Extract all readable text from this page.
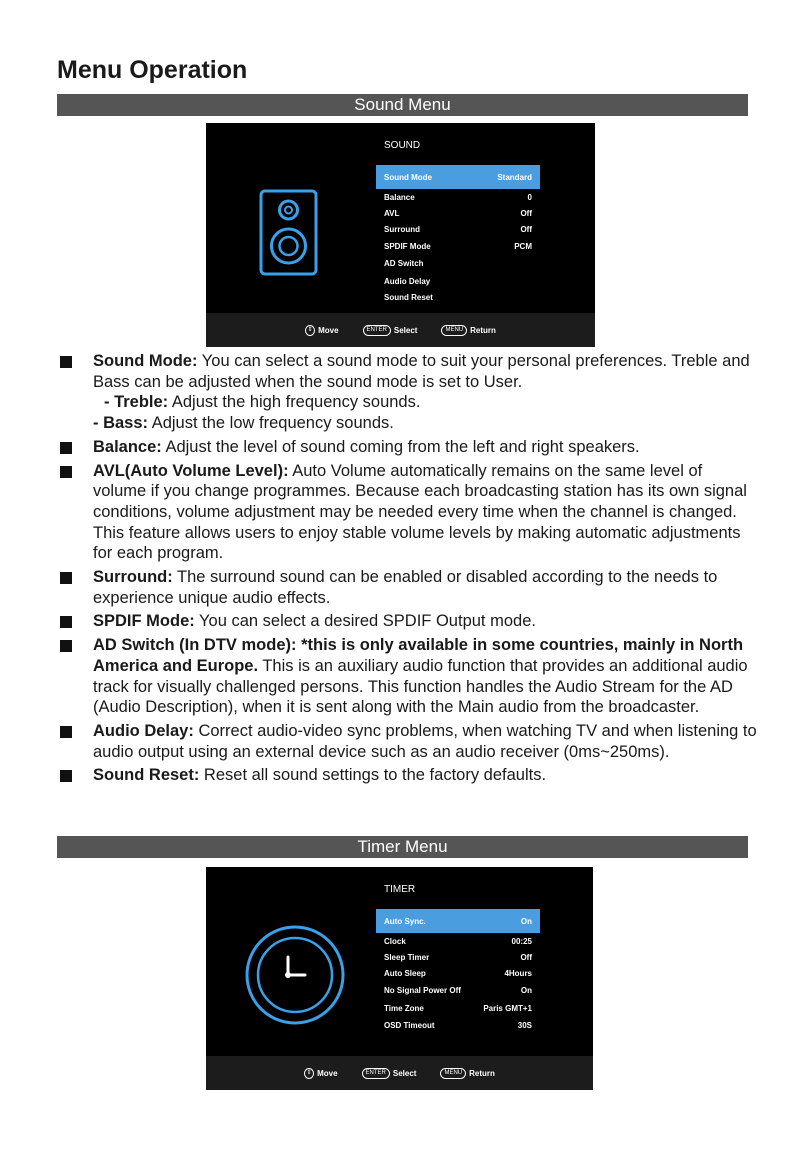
Menu Operation
Sound Menu
SOUND
Sound Mode	Standard
Balance	0
AVL	Off
Surround	Off
SPDIF Mode	PCM
AD Switch
Audio Delay
Sound Reset
⇕ Move	ENTER Select	MENU Return
Sound Mode: You can select a sound mode to suit your personal preferences. Treble and Bass can be adjusted when the sound mode is set to User.
- Treble: Adjust the high frequency sounds.
- Bass: Adjust the low frequency sounds.
Balance: Adjust the level of sound coming from the left and right speakers.
AVL(Auto Volume Level): Auto Volume automatically remains on the same level of volume if you change programmes. Because each broadcasting station has its own signal conditions, volume adjustment may be needed every time when the channel is changed. This feature allows users to enjoy stable volume levels by making automatic adjustments for each program.
Surround: The surround sound can be enabled or disabled according to the needs to experience unique audio effects.
SPDIF Mode: You can select a desired SPDIF Output mode.
AD Switch (In DTV mode): *this is only available in some countries, mainly in North America and Europe. This is an auxiliary audio function that provides an additional audio track for visually challenged persons. This function handles the Audio Stream for the AD (Audio Description), when it is sent along with the Main audio from the broadcaster.
Audio Delay: Correct audio-video sync problems, when watching TV and when listening to audio output using an external device such as an audio receiver (0ms~250ms).
Sound Reset: Reset all sound settings to the factory defaults.
Timer Menu
TIMER
Auto Sync.	On
Clock	00:25
Sleep Timer	Off
Auto Sleep	4Hours
No Signal Power Off	On
Time Zone	Paris GMT+1
OSD Timeout	30S
⇕ Move	ENTER Select	MENU Return
